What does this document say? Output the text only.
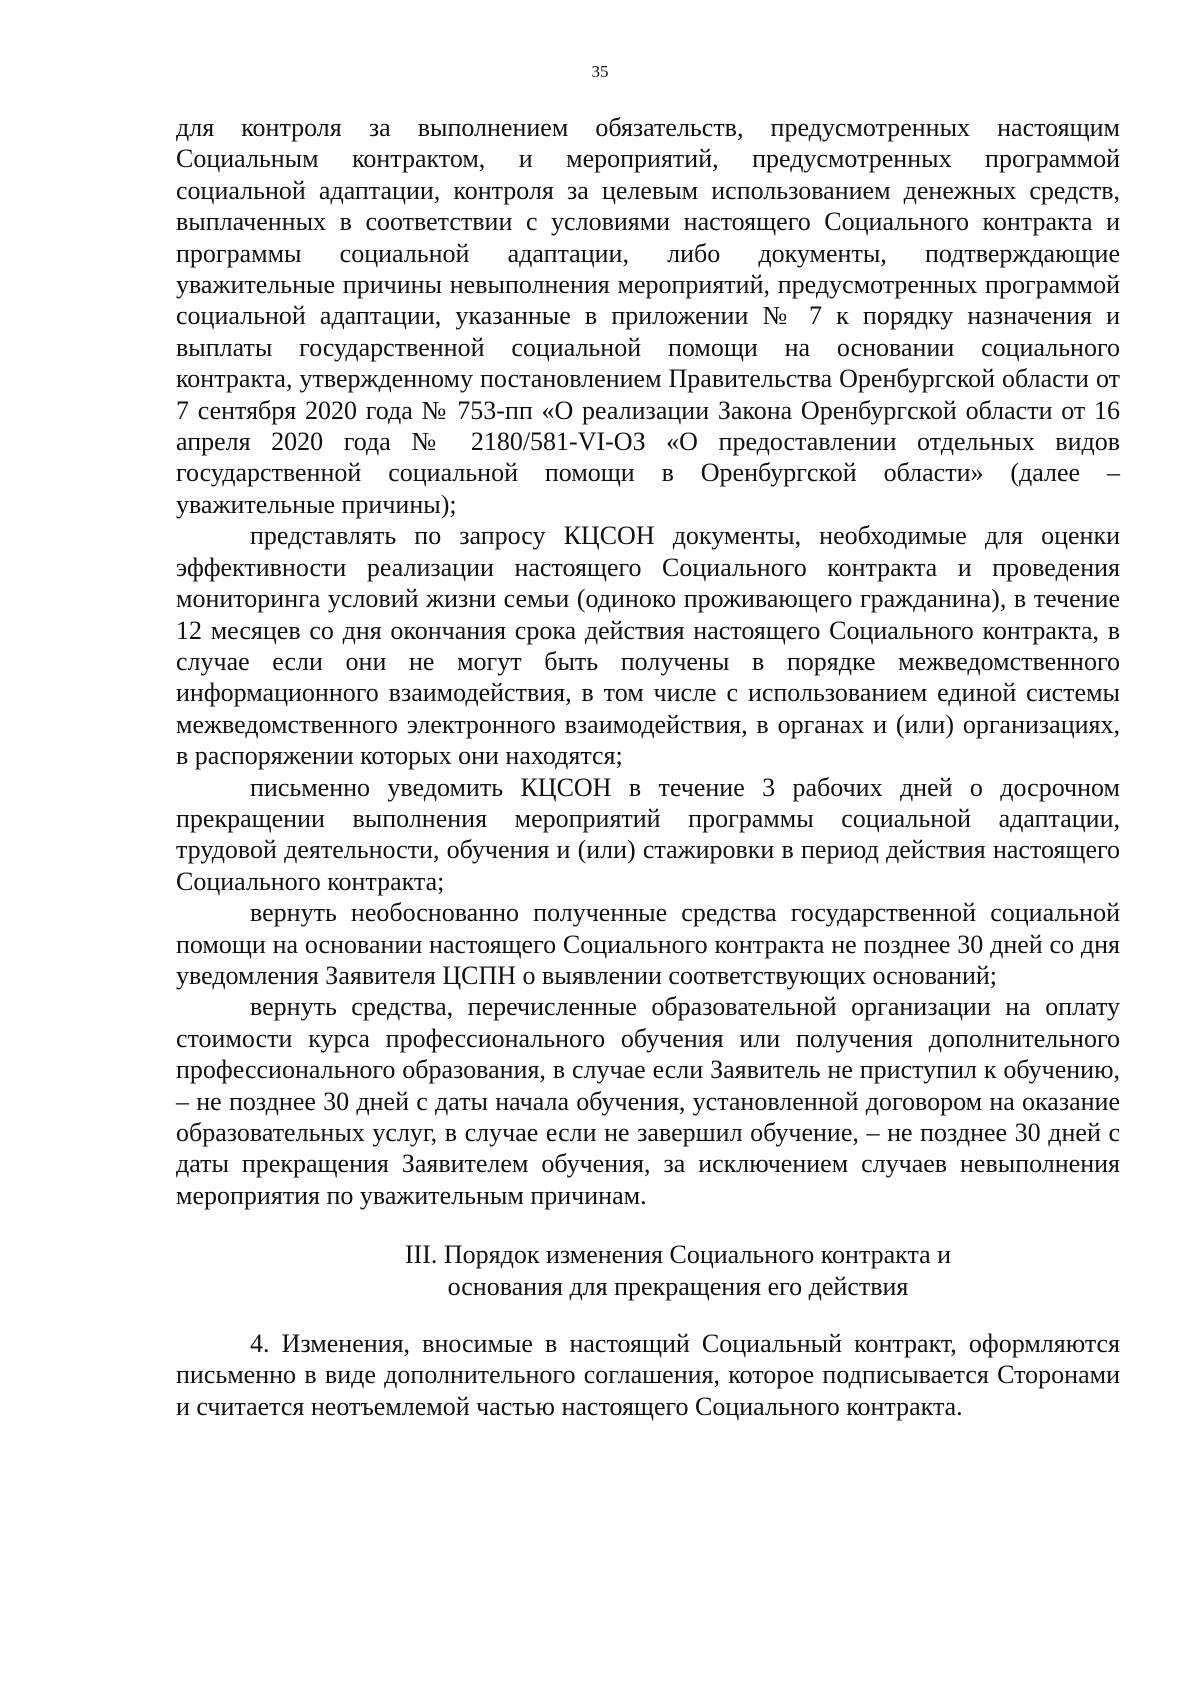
35

для контроля за выполнением обязательств, предусмотренных настоящим Социальным контрактом, и мероприятий, предусмотренных программой социальной адаптации, контроля за целевым использованием денежных средств, выплаченных в соответствии с условиями настоящего Социального контракта и программы социальной адаптации, либо документы, подтверждающие уважительные причины невыполнения мероприятий, предусмотренных программой социальной адаптации, указанные в приложении № 7 к порядку назначения и выплаты государственной социальной помощи на основании социального контракта, утвержденному постановлением Правительства Оренбургской области от 7 сентября 2020 года № 753-пп «О реализации Закона Оренбургской области от 16 апреля 2020 года № 2180/581-VI-ОЗ «О предоставлении отдельных видов государственной социальной помощи в Оренбургской области» (далее – уважительные причины);

представлять по запросу КЦСОН документы, необходимые для оценки эффективности реализации настоящего Социального контракта и проведения мониторинга условий жизни семьи (одиноко проживающего гражданина), в течение 12 месяцев со дня окончания срока действия настоящего Социального контракта, в случае если они не могут быть получены в порядке межведомственного информационного взаимодействия, в том числе с использованием единой системы межведомственного электронного взаимодействия, в органах и (или) организациях, в распоряжении которых они находятся;

письменно уведомить КЦСОН в течение 3 рабочих дней о досрочном прекращении выполнения мероприятий программы социальной адаптации, трудовой деятельности, обучения и (или) стажировки в период действия настоящего Социального контракта;

вернуть необоснованно полученные средства государственной социальной помощи на основании настоящего Социального контракта не позднее 30 дней со дня уведомления Заявителя ЦСПН о выявлении соответствующих оснований;

вернуть средства, перечисленные образовательной организации на оплату стоимости курса профессионального обучения или получения дополнительного профессионального образования, в случае если Заявитель не приступил к обучению, – не позднее 30 дней с даты начала обучения, установленной договором на оказание образовательных услуг, в случае если не завершил обучение, – не позднее 30 дней с даты прекращения Заявителем обучения, за исключением случаев невыполнения мероприятия по уважительным причинам.

III. Порядок изменения Социального контракта и
основания для прекращения его действия

4. Изменения, вносимые в настоящий Социальный контракт, оформляются письменно в виде дополнительного соглашения, которое подписывается Сторонами и считается неотъемлемой частью настоящего Социального контракта.
